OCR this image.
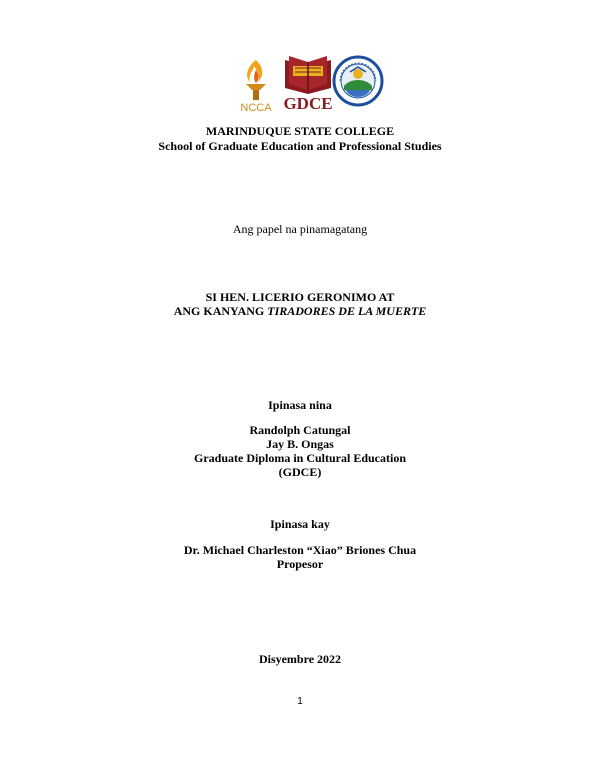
NCCA GDCE
MARINDUQUE STATE COLLEGE
School of Graduate Education and Professional Studies
Ang papel na pinamagatang
SI HEN. LICERIO GERONIMO AT
ANG KANYANG TIRADORES DE LA MUERTE
Ipinasa nina
Randolph Catungal
Jay B. Ongas
Graduate Diploma in Cultural Education
(GDCE)
Ipinasa kay
Dr. Michael Charleston “Xiao” Briones Chua
Propesor
Disyembre 2022
1
